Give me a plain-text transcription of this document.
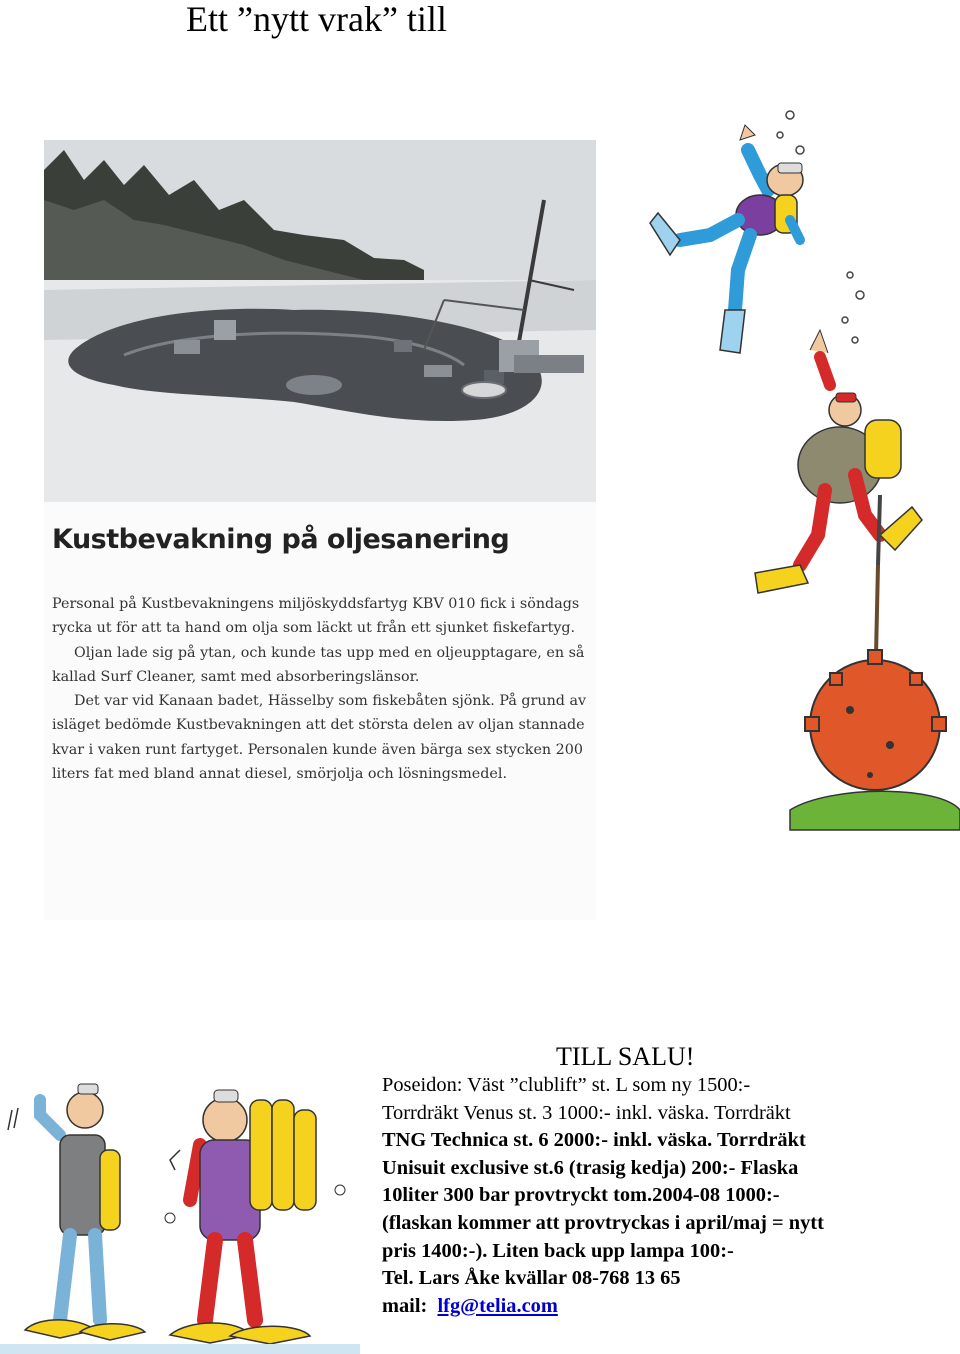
Ett ”nytt vrak” till
Kustbevakning på oljesanering

Personal på Kustbevakningens miljöskyddsfartyg KBV 010 fick i söndags rycka ut för att ta hand om olja som läckt ut från ett sjunket fiskefartyg.

Oljan lade sig på ytan, och kunde tas upp med en oljeupptagare, en så kallad Surf Cleaner, samt med absorberingslänsor.

Det var vid Kanaan badet, Hässelby som fiskebåten sjönk. På grund av isläget bedömde Kustbevakningen att det största delen av oljan stannade kvar i vaken runt fartyget. Personalen kunde även bärga sex stycken 200 liters fat med bland annat diesel, smörjolja och lösningsmedel.

TILL SALU!
Poseidon: Väst ”clublift” st. L som ny 1500:-
Torrdräkt Venus st. 3 1000:- inkl. väska. Torrdräkt
TNG Technica st. 6 2000:- inkl. väska. Torrdräkt
Unisuit exclusive st.6 (trasig kedja) 200:- Flaska
10liter 300 bar provtryckt tom.2004-08 1000:-
(flaskan kommer att provtryckas i april/maj = nytt
pris 1400:-). Liten back upp lampa 100:-
Tel. Lars Åke kvällar 08-768 13 65
mail: lfg@telia.com
